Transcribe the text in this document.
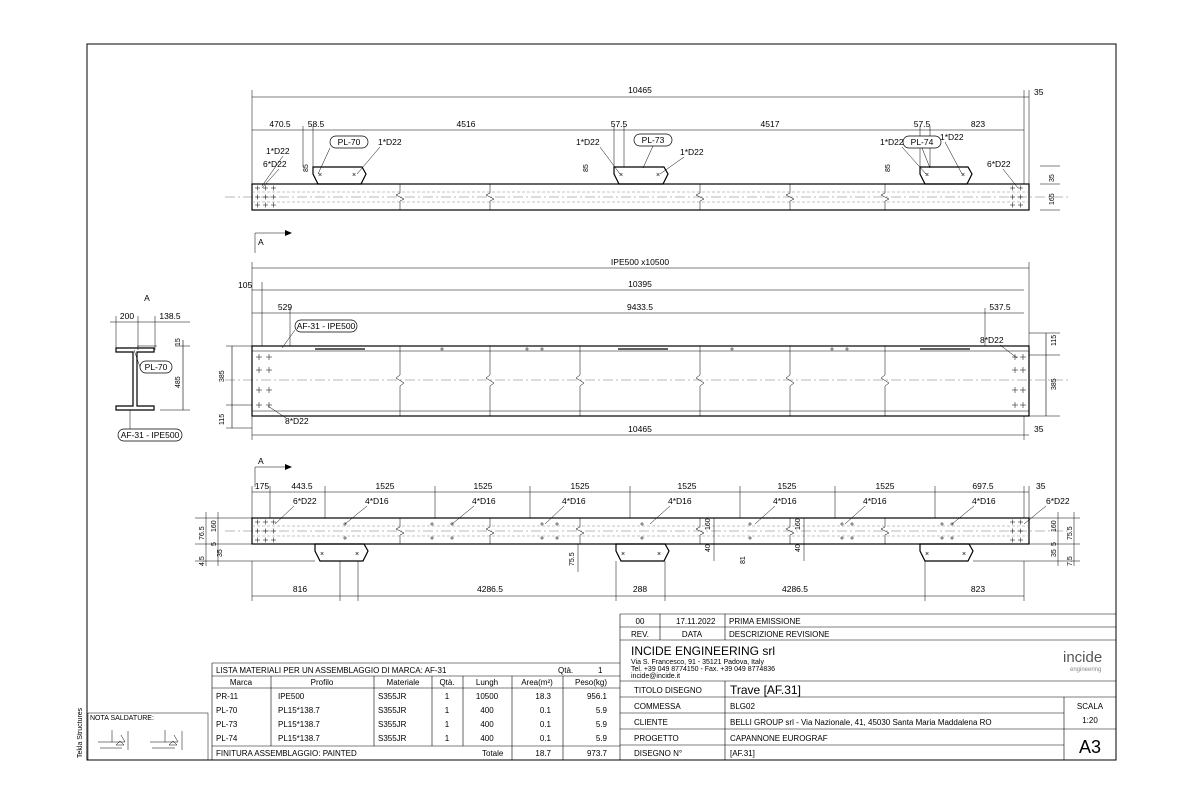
10465	35
470.5 58.5	4516	57.5	4517	57.5	823
×	×	×	×	×	×
85	85	85
35
165
PL-70	PL-73	PL-74
1*D22
1*D22
6*D22
1*D22
1*D22
1*D22	1*D22
6*D22
A
IPE500 x10500
105	10395
529	9433.5	537.5
AF-31 - IPE500
8*D22
8*D22
385
115
115
385
10465	35
A
200	138.5
15
485
PL-70
AF-31 - IPE500
A
175	443.5	1525	1525	1525	1525	1525	1525	697.5	35
6*D22	4*D16	4*D16	4*D16	4*D16	4*D16	4*D16	4*D16	6*D22
×	×	×	×	×	×
76.5
160
5
35
4.5
160
5
35
75.5
7.5
75.5
40
160
81
40
160
816	4286.5	288	4286.5	823
Tekla Structures NOTA SALDATURE:
LISTA MATERIALI PER UN ASSEMBLAGGIO DI MARCA: AF-31	Qtà.	1
Marca	Profilo	Materiale Qtà.	Lungh	Area(m²)	Peso(kg)
PR-11	IPE500	S355JR	1	10500	18.3	956.1
PL-70	PL15*138.7	S355JR	1	400	0.1	5.9
PL-73	PL15*138.7	S355JR	1	400	0.1	5.9
PL-74	PL15*138.7	S355JR	1	400	0.1	5.9
FINITURA ASSEMBLAGGIO: PAINTED	Totale	18.7	973.7
00	17.11.2022 PRIMA EMISSIONE
REV.	DATA	DESCRIZIONE REVISIONE
INCIDE ENGINEERING srl
Via S. Francesco, 91 - 35121 Padova, Italy
Tel. +39 049 8774150 - Fax. +39 049 8774836
incide@incide.it
incide
engineering
TITOLO DISEGNO Trave [AF.31]
COMMESSA	BLG02
CLIENTE	BELLI GROUP srl - Via Nazionale, 41, 45030 Santa Maria Maddalena RO
PROGETTO	CAPANNONE EUROGRAF
DISEGNO N°	[AF.31]
SCALA
1:20
A3
